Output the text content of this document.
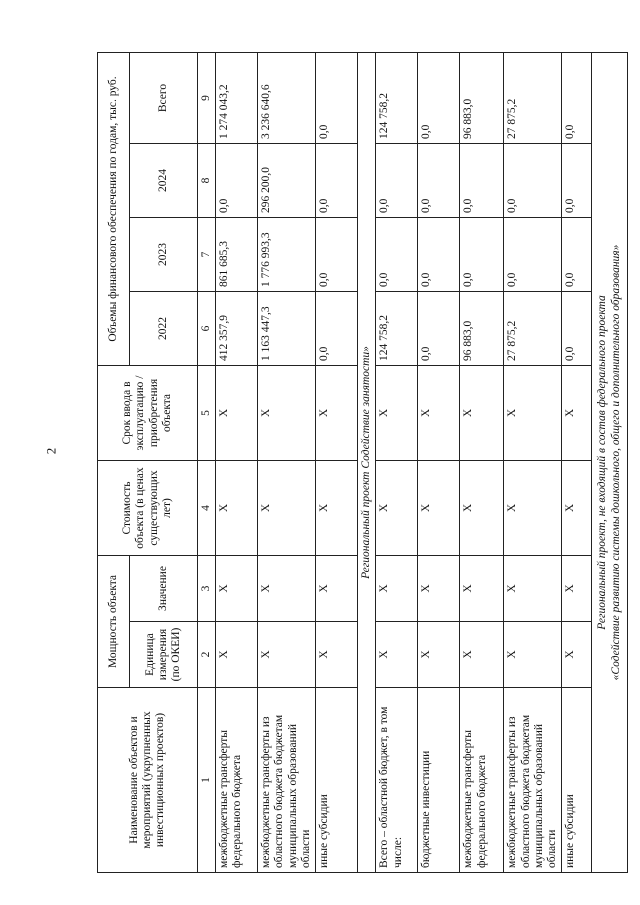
2
Наименование объектов и мероприятий (укрупненных инвестиционных проектов)	Мощность объекта		Стоимость объекта (в ценах существующих лет)	Срок ввода в эксплуатацию / приобретения объекта	Объемы финансового обеспечения по годам, тыс. руб.			
	Единица измерения (по ОКЕИ)	Значение			2022	2023	2024	Всего
1	2	3	4	5	6	7	8	9
межбюджетные трансферты федерального бюджета	Х	Х	Х	Х	412 357,9	861 685,3	0,0	1 274 043,2
межбюджетные трансферты из областного бюджета бюджетам муниципальных образований области	Х	Х	Х	Х	1 163 447,3	1 776 993,3	296 200,0	3 236 640,6
иные субсидии	Х	Х	Х	Х	0,0	0,0	0,0	0,0
Региональный проект Содействие занятости»								
Всего – областной бюджет, в том числе:	Х	Х	Х	Х	124 758,2	0,0	0,0	124 758,2
бюджетные инвестиции	Х	Х	Х	Х	0,0	0,0	0,0	0,0
межбюджетные трансферты федерального бюджета	Х	Х	Х	Х	96 883,0	0,0	0,0	96 883,0
межбюджетные трансферты из областного бюджета бюджетам муниципальных образований области	Х	Х	Х	Х	27 875,2	0,0	0,0	27 875,2
иные субсидии	Х	Х	Х	Х	0,0	0,0	0,0	0,0

Региональный проект, не входящий в состав федерального проекта «Содействие развитию системы дошкольного, общего и дополнительного образования»								
